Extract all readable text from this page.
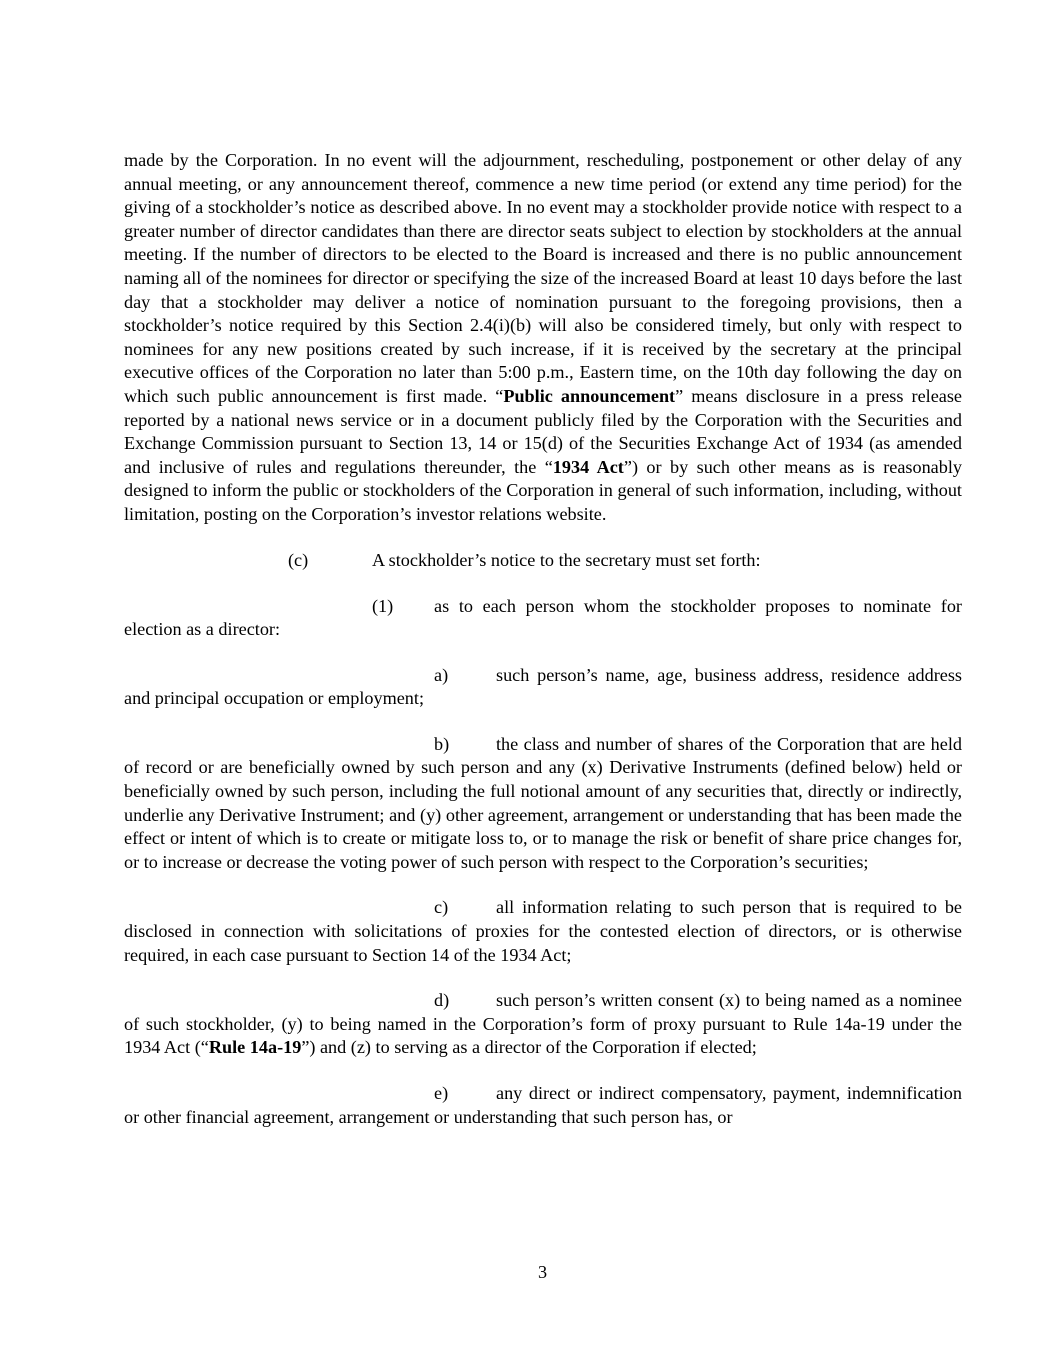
made by the Corporation. In no event will the adjournment, rescheduling, postponement or other delay of any annual meeting, or any announcement thereof, commence a new time period (or extend any time period) for the giving of a stockholder’s notice as described above. In no event may a stockholder provide notice with respect to a greater number of director candidates than there are director seats subject to election by stockholders at the annual meeting. If the number of directors to be elected to the Board is increased and there is no public announcement naming all of the nominees for director or specifying the size of the increased Board at least 10 days before the last day that a stockholder may deliver a notice of nomination pursuant to the foregoing provisions, then a stockholder’s notice required by this Section 2.4(i)(b) will also be considered timely, but only with respect to nominees for any new positions created by such increase, if it is received by the secretary at the principal executive offices of the Corporation no later than 5:00 p.m., Eastern time, on the 10th day following the day on which such public announcement is first made. “Public announcement” means disclosure in a press release reported by a national news service or in a document publicly filed by the Corporation with the Securities and Exchange Commission pursuant to Section 13, 14 or 15(d) of the Securities Exchange Act of 1934 (as amended and inclusive of rules and regulations thereunder, the “1934 Act”) or by such other means as is reasonably designed to inform the public or stockholders of the Corporation in general of such information, including, without limitation, posting on the Corporation’s investor relations website.

(c)	A stockholder’s notice to the secretary must set forth:

(1) as to each person whom the stockholder proposes to nominate for election as a director:

a)	such person’s name, age, business address, residence address and principal occupation or employment;

b)	the class and number of shares of the Corporation that are held of record or are beneficially owned by such person and any (x) Derivative Instruments (defined below) held or beneficially owned by such person, including the full notional amount of any securities that, directly or indirectly, underlie any Derivative Instrument; and (y) other agreement, arrangement or understanding that has been made the effect or intent of which is to create or mitigate loss to, or to manage the risk or benefit of share price changes for, or to increase or decrease the voting power of such person with respect to the Corporation’s securities;

c)	all information relating to such person that is required to be disclosed in connection with solicitations of proxies for the contested election of directors, or is otherwise required, in each case pursuant to Section 14 of the 1934 Act;

d)	such person’s written consent (x) to being named as a nominee of such stockholder, (y) to being named in the Corporation’s form of proxy pursuant to Rule 14a-19 under the 1934 Act (“Rule 14a-19”) and (z) to serving as a director of the Corporation if elected;

e)	any direct or indirect compensatory, payment, indemnification or other financial agreement, arrangement or understanding that such person has, or

3
